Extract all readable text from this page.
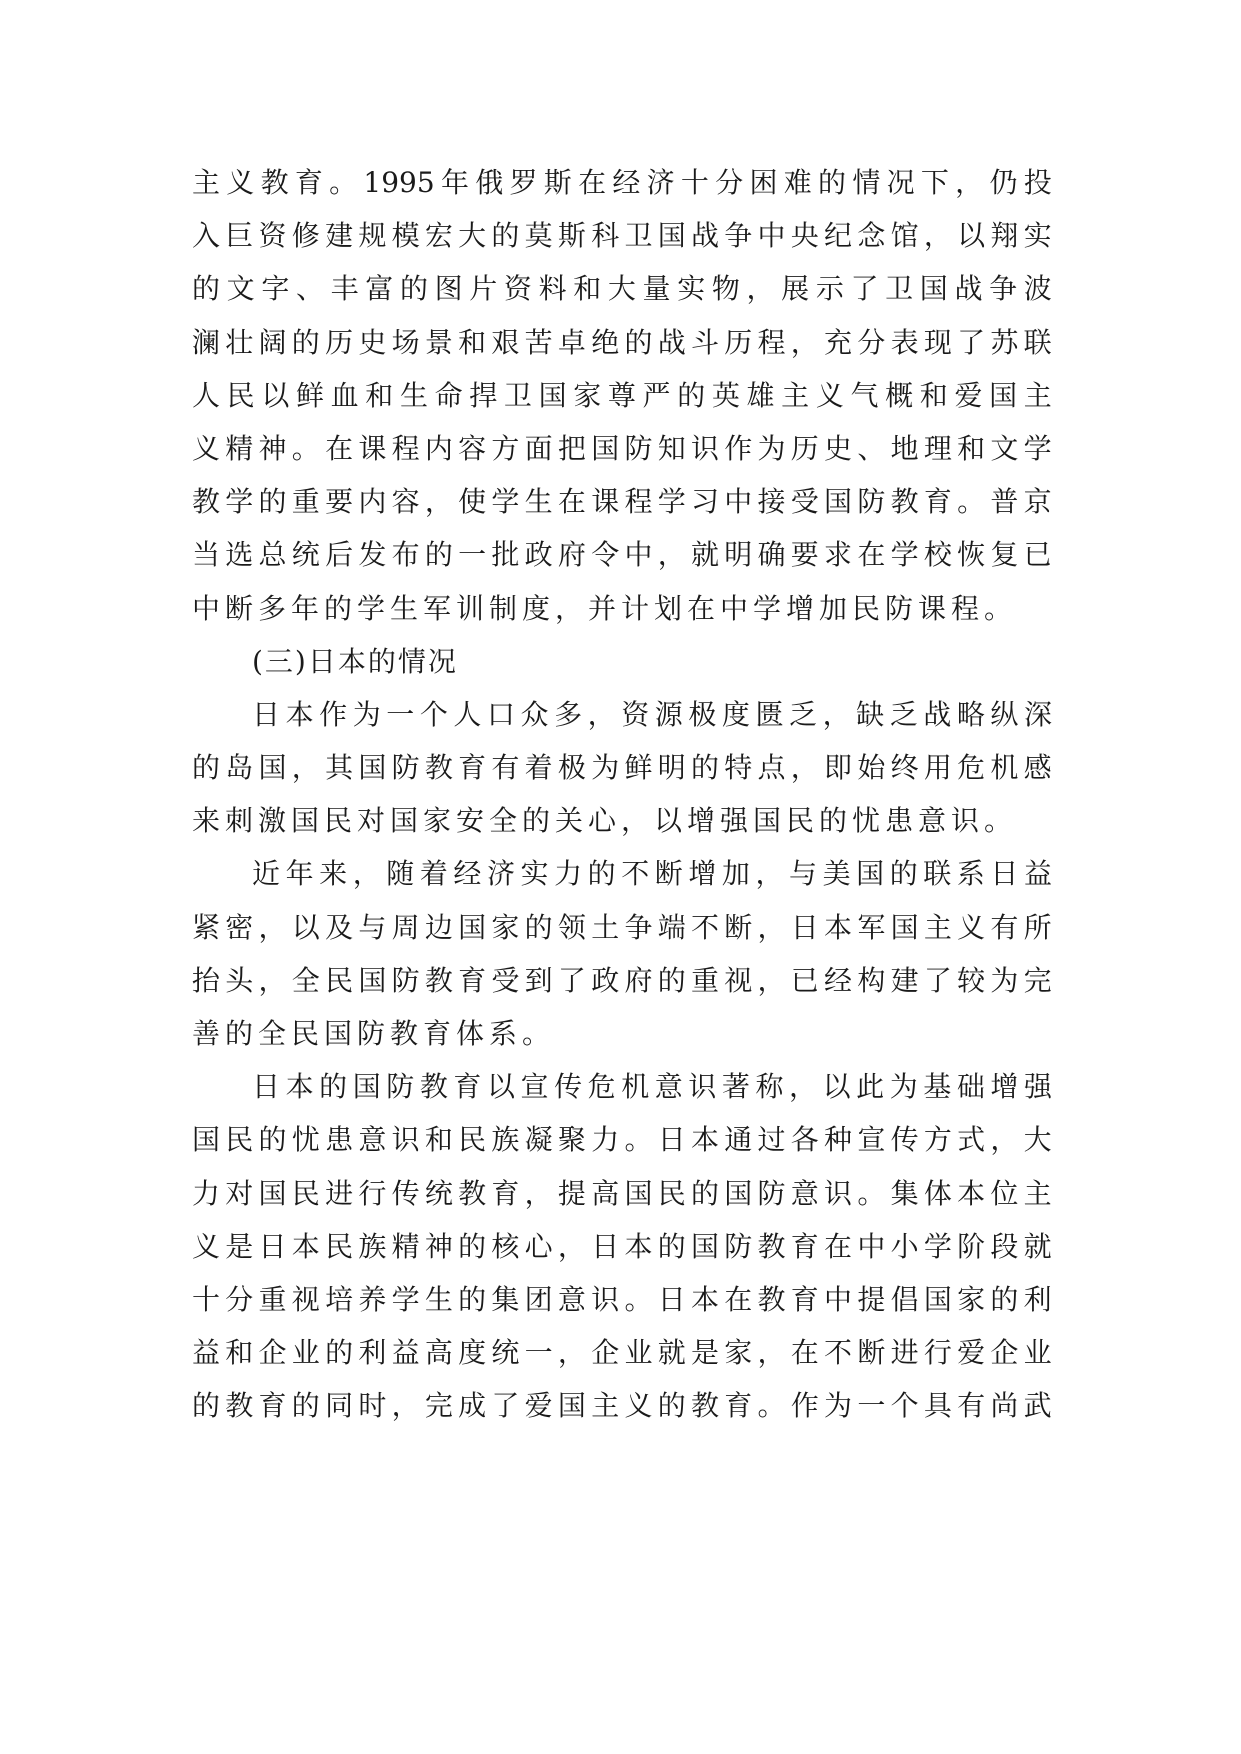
主 义 教 育 。 1995 年 俄 罗 斯 在 经 济 十 分 困 难 的 情 况 下 ， 仍 投
入 巨 资 修 建 规 模 宏 大 的 莫 斯 科 卫 国 战 争 中 央 纪 念 馆 ， 以 翔 实
的 文 字 、 丰 富 的 图 片 资 料 和 大 量 实 物 ， 展 示 了 卫 国 战 争 波
澜 壮 阔 的 历 史 场 景 和 艰 苦 卓 绝 的 战 斗 历 程 ， 充 分 表 现 了 苏 联
人 民 以 鲜 血 和 生 命 捍 卫 国 家 尊 严 的 英 雄 主 义 气 概 和 爱 国 主
义 精 神 。 在 课 程 内 容 方 面 把 国 防 知 识 作 为 历 史 、 地 理 和 文 学
教 学 的 重 要 内 容 ， 使 学 生 在 课 程 学 习 中 接 受 国 防 教 育 。 普 京
当 选 总 统 后 发 布 的 一 批 政 府 令 中 ， 就 明 确 要 求 在 学 校 恢 复 已
中断多年的学生军训制度，并计划在中学增加民防课程。
(三)日本的情况
日 本 作 为 一 个 人 口 众 多 ， 资 源 极 度 匮 乏 ， 缺 乏 战 略 纵 深
的 岛 国 ， 其 国 防 教 育 有 着 极 为 鲜 明 的 特 点 ， 即 始 终 用 危 机 感
来刺激国民对国家安全的关心，以增强国民的忧患意识。
近 年 来 ， 随 着 经 济 实 力 的 不 断 增 加 ， 与 美 国 的 联 系 日 益
紧 密 ， 以 及 与 周 边 国 家 的 领 土 争 端 不 断 ， 日 本 军 国 主 义 有 所
抬 头 ， 全 民 国 防 教 育 受 到 了 政 府 的 重 视 ， 已 经 构 建 了 较 为 完
善的全民国防教育体系。
日 本 的 国 防 教 育 以 宣 传 危 机 意 识 著 称 ， 以 此 为 基 础 增 强
国 民 的 忧 患 意 识 和 民 族 凝 聚 力 。 日 本 通 过 各 种 宣 传 方 式 ， 大
力 对 国 民 进 行 传 统 教 育 ， 提 高 国 民 的 国 防 意 识 。 集 体 本 位 主
义 是 日 本 民 族 精 神 的 核 心 ， 日 本 的 国 防 教 育 在 中 小 学 阶 段 就
十 分 重 视 培 养 学 生 的 集 团 意 识 。 日 本 在 教 育 中 提 倡 国 家 的 利
益 和 企 业 的 利 益 高 度 统 一 ， 企 业 就 是 家 ， 在 不 断 进 行 爱 企 业
的 教 育 的 同 时 ， 完 成 了 爱 国 主 义 的 教 育 。 作 为 一 个 具 有 尚 武
